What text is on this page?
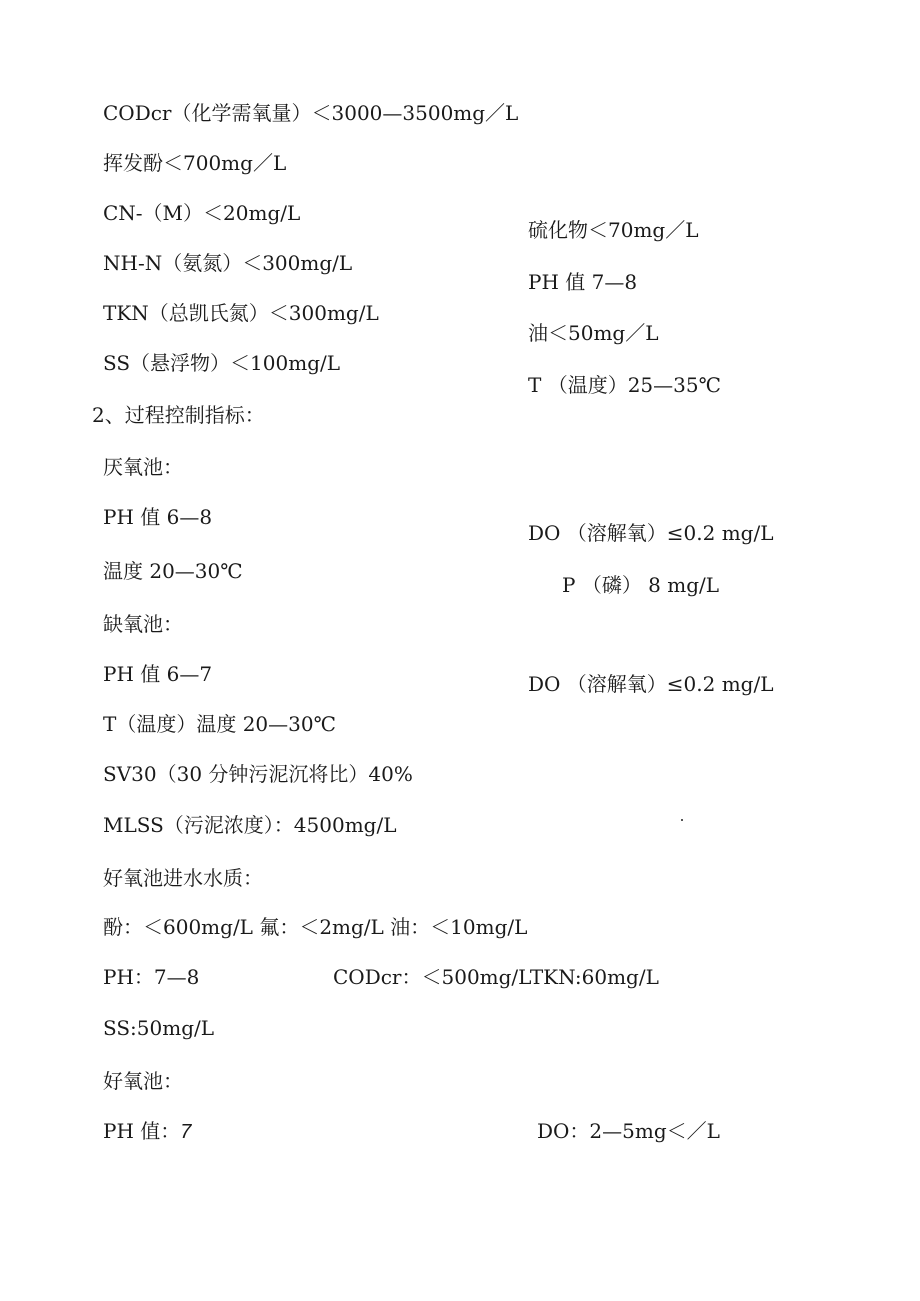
CODcr（化学需氧量）＜3000—3500mg／L
挥发酚＜700mg／L
CN-（M）＜20mg/L
NH-N（氨氮）＜300mg/L
TKN（总凯氏氮）＜300mg/L
SS（悬浮物）＜100mg/L
硫化物＜70mg／L
PH 值 7—8
油＜50mg／L
T （温度）25—35℃
2、过程控制指标：
厌氧池：
PH 值 6—8
DO （溶解氧）≤0.2 mg/L
温度 20—30℃
P （磷） 8 mg/L
缺氧池：
PH 值 6—7	DO （溶解氧）≤0.2 mg/L
T（温度）温度 20—30℃
SV30（30 分钟污泥沉将比）40%
MLSS（污泥浓度）：4500mg/L
好氧池进水水质：
酚：＜600mg/L 氟：＜2mg/L 油：＜10mg/L
PH：7—8	CODcr：＜500mg/LTKN:60mg/L
SS:50mg/L
好氧池：
PH 值：7	DO：2—5mg＜／L
